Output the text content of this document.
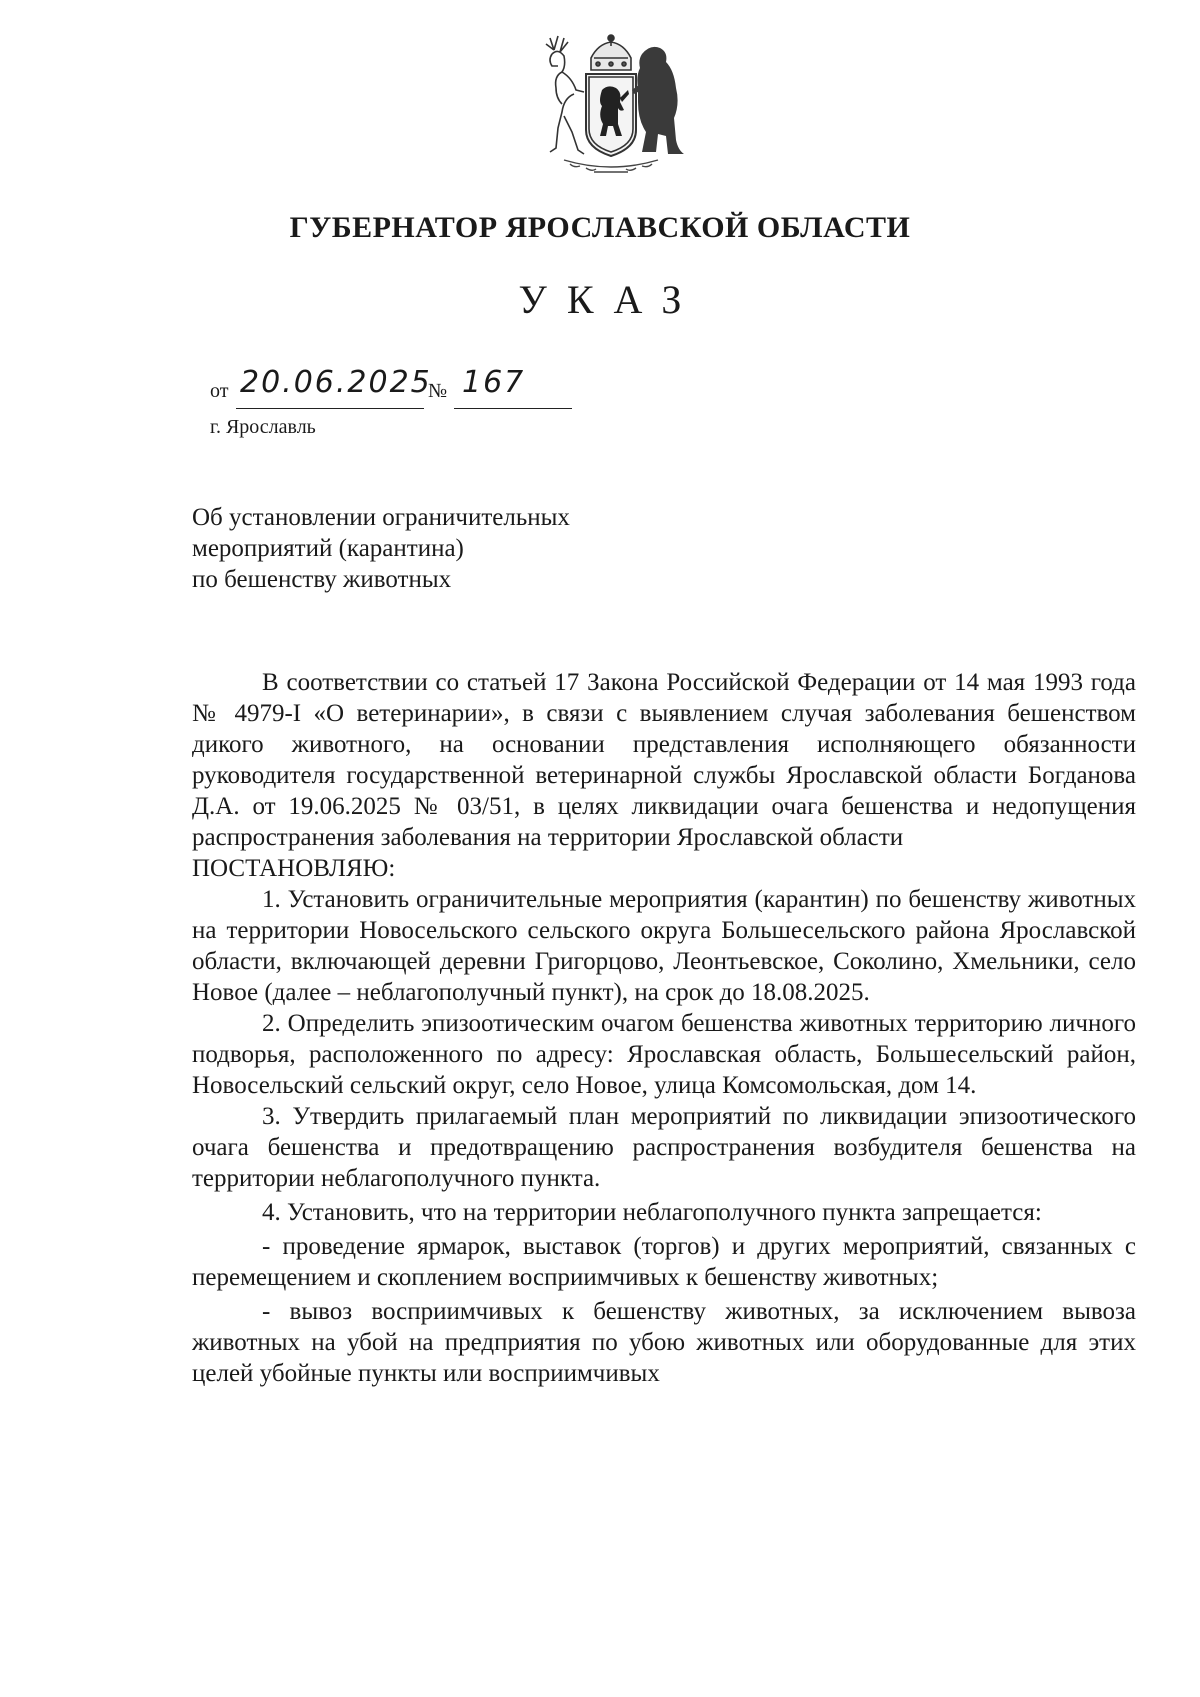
ГУБЕРНАТОР ЯРОСЛАВСКОЙ ОБЛАСТИ
УКАЗ
от 20.06.2025
№ 167
г. Ярославль
Об установлении ограничительных
мероприятий (карантина)
по бешенству животных

В соответствии со статьей 17 Закона Российской Федерации от 14 мая 1993 года № 4979-I «О ветеринарии», в связи с выявлением случая заболевания бешенством дикого животного, на основании представления исполняющего обязанности руководителя государственной ветеринарной службы Ярославской области Богданова Д.А. от 19.06.2025 № 03/51, в целях ликвидации очага бешенства и недопущения распространения заболевания на территории Ярославской области

ПОСТАНОВЛЯЮ:

1. Установить ограничительные мероприятия (карантин) по бешенству животных на территории Новосельского сельского округа Большесельского района Ярославской области, включающей деревни Григорцово, Леонтьевское, Соколино, Хмельники, село Новое (далее – неблагополучный пункт), на срок до 18.08.2025.

2. Определить эпизоотическим очагом бешенства животных территорию личного подворья, расположенного по адресу: Ярославская область, Большесельский район, Новосельский сельский округ, село Новое, улица Комсомольская, дом 14.

3. Утвердить прилагаемый план мероприятий по ликвидации эпизоотического очага бешенства и предотвращению распространения возбудителя бешенства на территории неблагополучного пункта.

4. Установить, что на территории неблагополучного пункта запрещается:

- проведение ярмарок, выставок (торгов) и других мероприятий, связанных с перемещением и скоплением восприимчивых к бешенству животных;

- вывоз восприимчивых к бешенству животных, за исключением вывоза животных на убой на предприятия по убою животных или оборудованные для этих целей убойные пункты или восприимчивых
